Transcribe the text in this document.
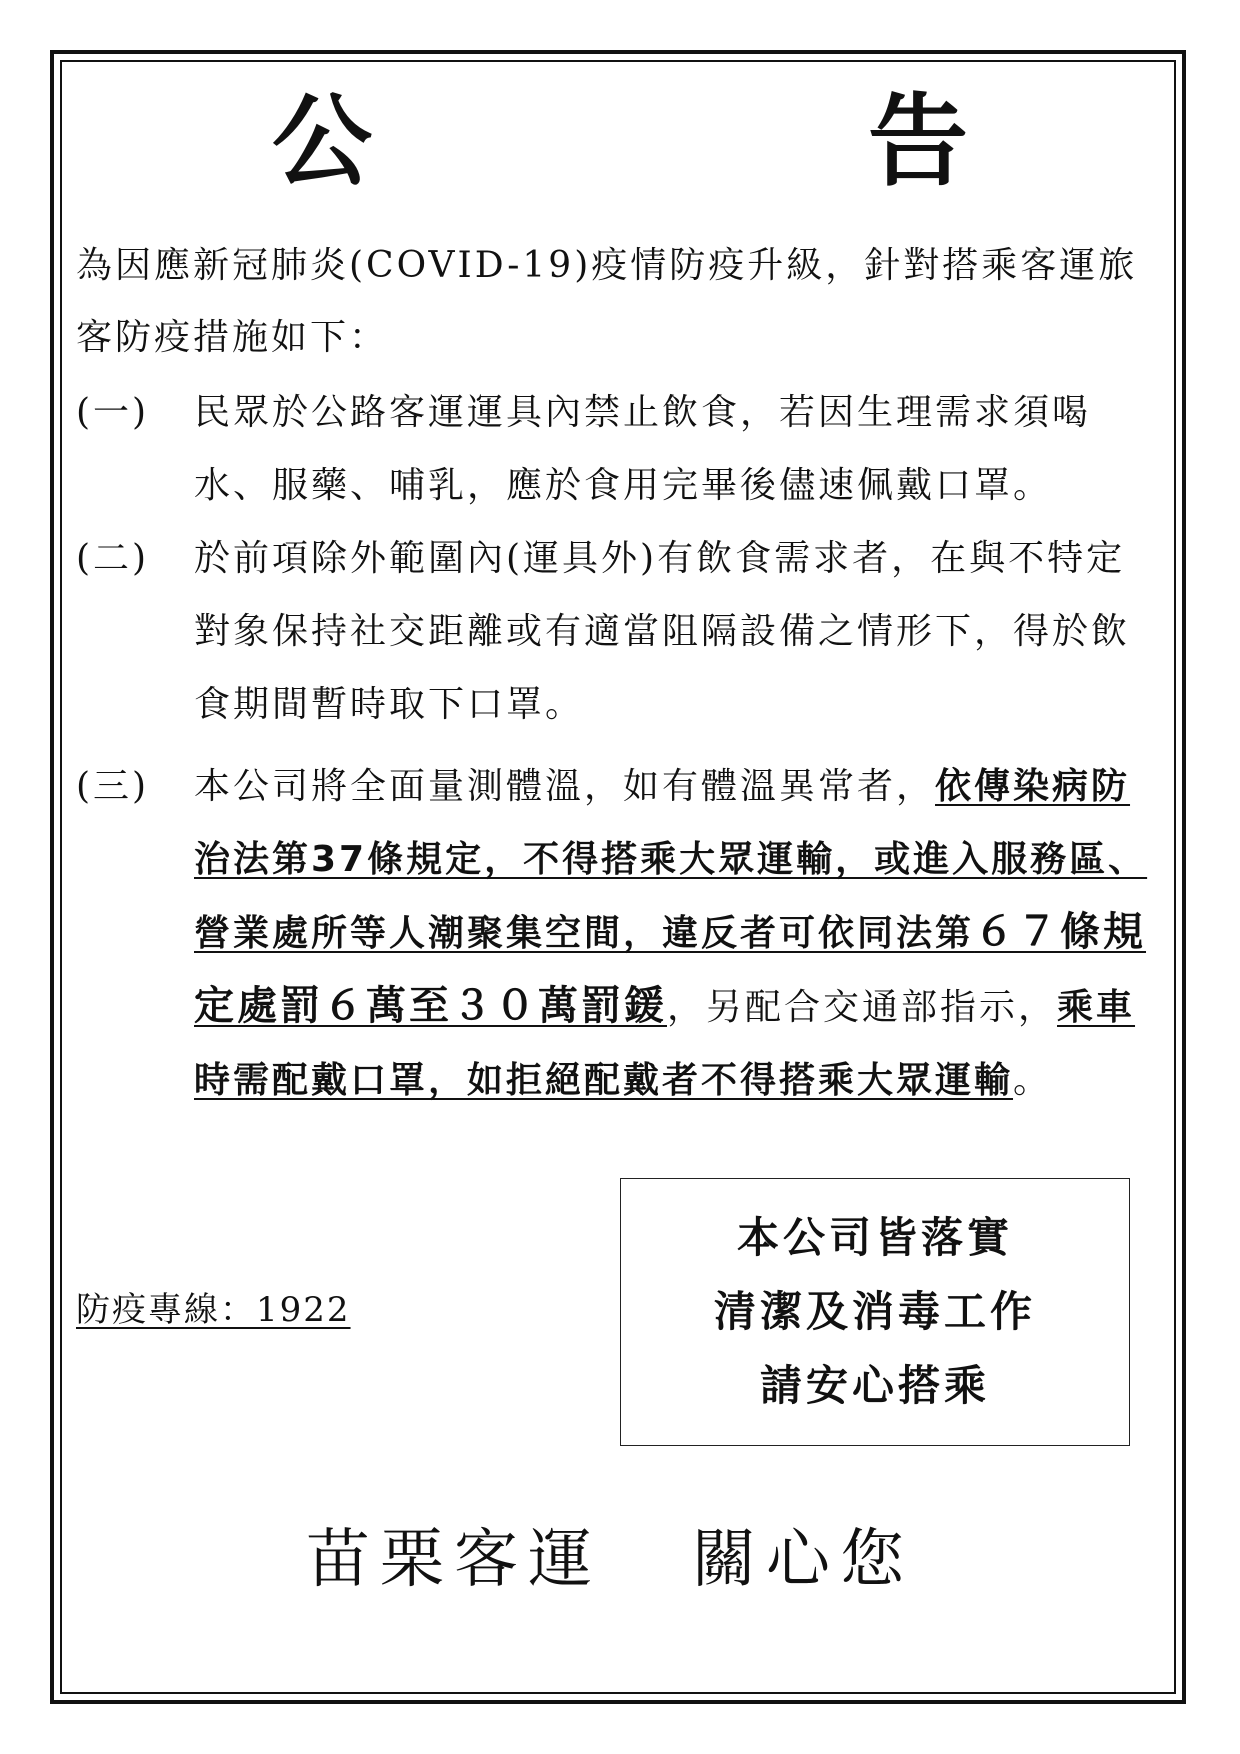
公	告

為因應新冠肺炎(COVID-19)疫情防疫升級，針對搭乘客運旅客防疫措施如下：

(一) 民眾於公路客運運具內禁止飲食，若因生理需求須喝水、服藥、哺乳，應於食用完畢後儘速佩戴口罩。
(二) 於前項除外範圍內(運具外)有飲食需求者，在與不特定對象保持社交距離或有適當阻隔設備之情形下，得於飲食期間暫時取下口罩。
(三) 本公司將全面量測體溫，如有體溫異常者，依傳染病防治法第37條規定，不得搭乘大眾運輸，或進入服務區、營業處所等人潮聚集空間，違反者可依同法第６７條規定處罰６萬至３０萬罰鍰，另配合交通部指示，乘車時需配戴口罩，如拒絕配戴者不得搭乘大眾運輸。
防疫專線：1922
本公司皆落實
清潔及消毒工作
請安心搭乘
苗栗客運 關心您
